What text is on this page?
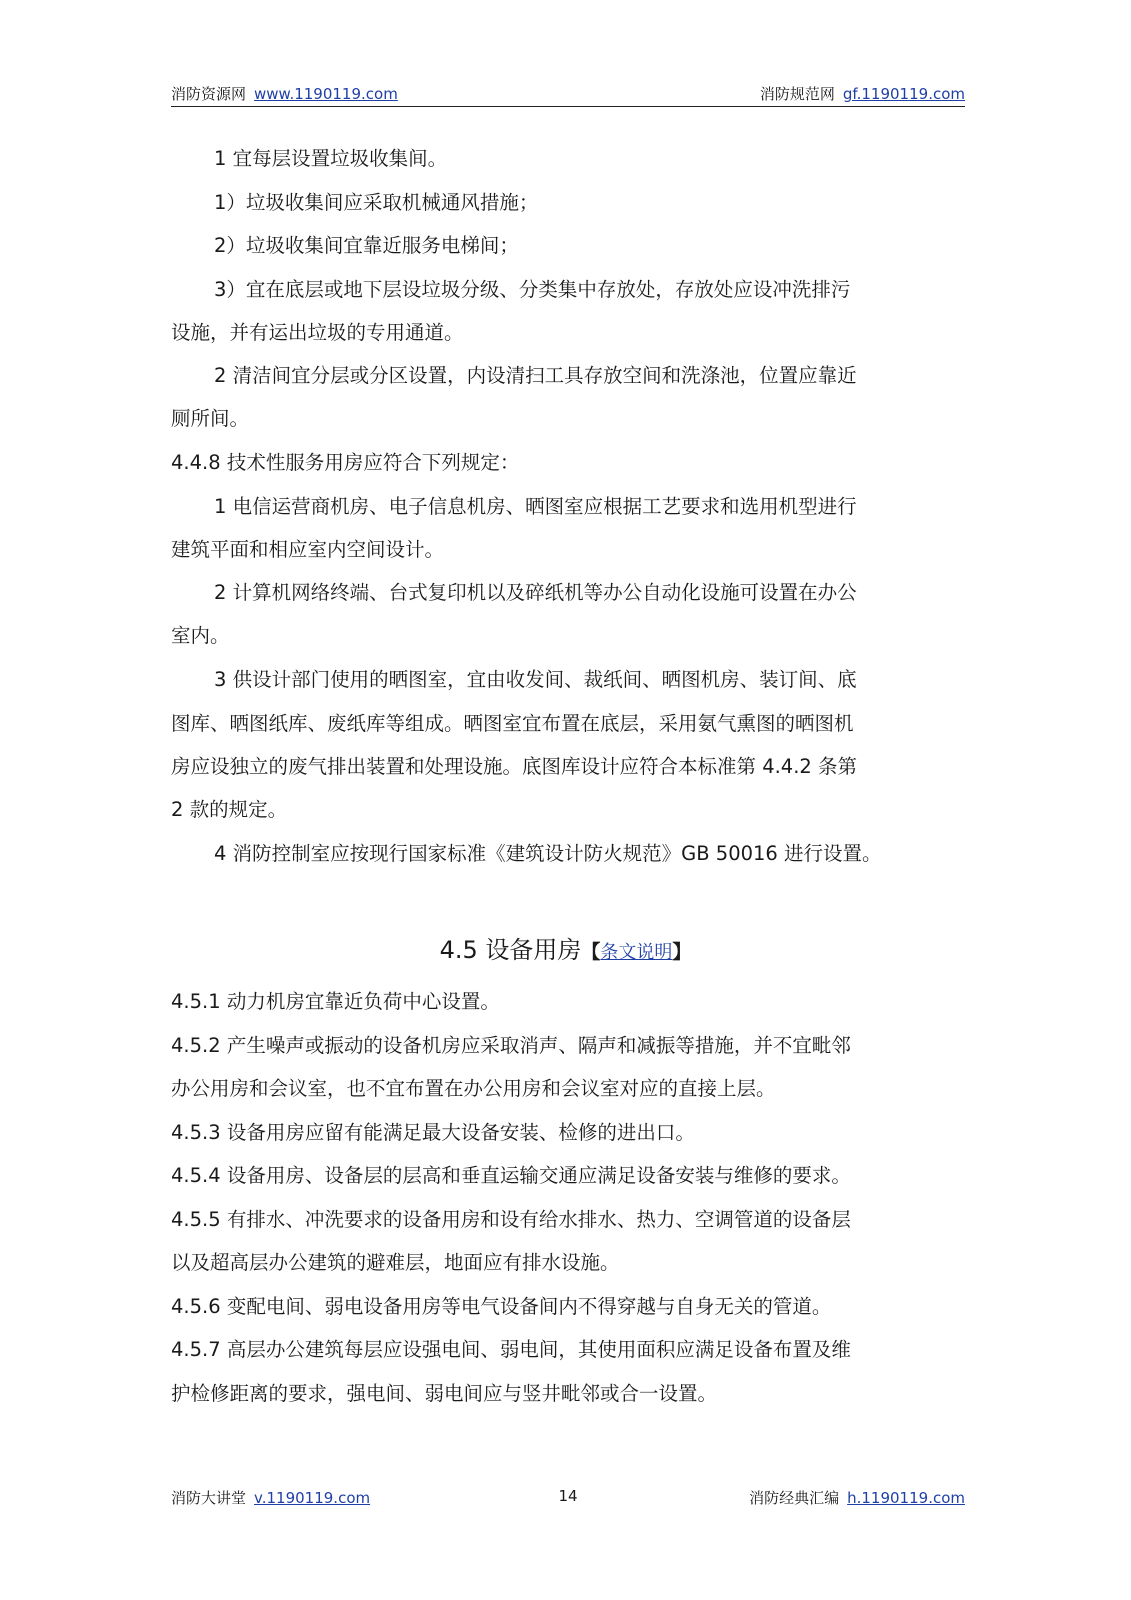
消防资源网 www.1190119.com	消防规范网 gf.1190119.com
1 宜每层设置垃圾收集间。
1）垃圾收集间应采取机械通风措施；
2）垃圾收集间宜靠近服务电梯间；
3）宜在底层或地下层设垃圾分级、分类集中存放处，存放处应设冲洗排污
设施，并有运出垃圾的专用通道。
2 清洁间宜分层或分区设置，内设清扫工具存放空间和洗涤池，位置应靠近
厕所间。
4.4.8 技术性服务用房应符合下列规定：
1 电信运营商机房、电子信息机房、晒图室应根据工艺要求和选用机型进行
建筑平面和相应室内空间设计。
2 计算机网络终端、台式复印机以及碎纸机等办公自动化设施可设置在办公
室内。
3 供设计部门使用的晒图室，宜由收发间、裁纸间、晒图机房、装订间、底
图库、晒图纸库、废纸库等组成。晒图室宜布置在底层，采用氨气熏图的晒图机
房应设独立的废气排出装置和处理设施。底图库设计应符合本标准第 4.4.2 条第
2 款的规定。
4 消防控制室应按现行国家标准《建筑设计防火规范》GB 50016 进行设置。
4.5 设备用房【条文说明】
4.5.1 动力机房宜靠近负荷中心设置。
4.5.2 产生噪声或振动的设备机房应采取消声、隔声和减振等措施，并不宜毗邻
办公用房和会议室，也不宜布置在办公用房和会议室对应的直接上层。
4.5.3 设备用房应留有能满足最大设备安装、检修的进出口。
4.5.4 设备用房、设备层的层高和垂直运输交通应满足设备安装与维修的要求。
4.5.5 有排水、冲洗要求的设备用房和设有给水排水、热力、空调管道的设备层
以及超高层办公建筑的避难层，地面应有排水设施。
4.5.6 变配电间、弱电设备用房等电气设备间内不得穿越与自身无关的管道。
4.5.7 高层办公建筑每层应设强电间、弱电间，其使用面积应满足设备布置及维
护检修距离的要求，强电间、弱电间应与竖井毗邻或合一设置。
消防大讲堂 v.1190119.com	14	消防经典汇编 h.1190119.com
